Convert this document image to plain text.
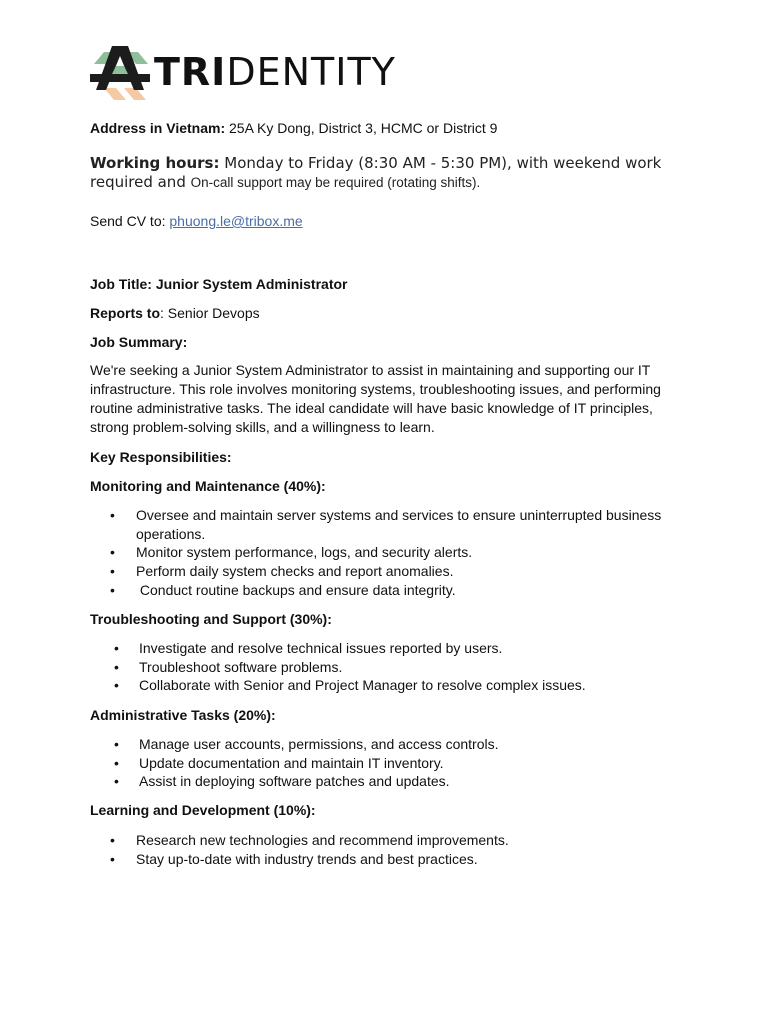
TRIDENTITY
Address in Vietnam: 25A Ky Dong, District 3, HCMC or District 9
Working hours: Monday to Friday (8:30 AM - 5:30 PM), with weekend work required and On-call support may be required (rotating shifts).
Send CV to: phuong.le@tribox.me
Job Title: Junior System Administrator
Reports to: Senior Devops
Job Summary:
We're seeking a Junior System Administrator to assist in maintaining and supporting our IT infrastructure. This role involves monitoring systems, troubleshooting issues, and performing routine administrative tasks. The ideal candidate will have basic knowledge of IT principles, strong problem-solving skills, and a willingness to learn.
Key Responsibilities:
Monitoring and Maintenance (40%):
• Oversee and maintain server systems and services to ensure uninterrupted business operations.
• Monitor system performance, logs, and security alerts.
• Perform daily system checks and report anomalies.
•  Conduct routine backups and ensure data integrity.
Troubleshooting and Support (30%):
• Investigate and resolve technical issues reported by users.
• Troubleshoot software problems.
• Collaborate with Senior and Project Manager to resolve complex issues.
Administrative Tasks (20%):
• Manage user accounts, permissions, and access controls.
• Update documentation and maintain IT inventory.
• Assist in deploying software patches and updates.
Learning and Development (10%):
• Research new technologies and recommend improvements.
• Stay up-to-date with industry trends and best practices.
